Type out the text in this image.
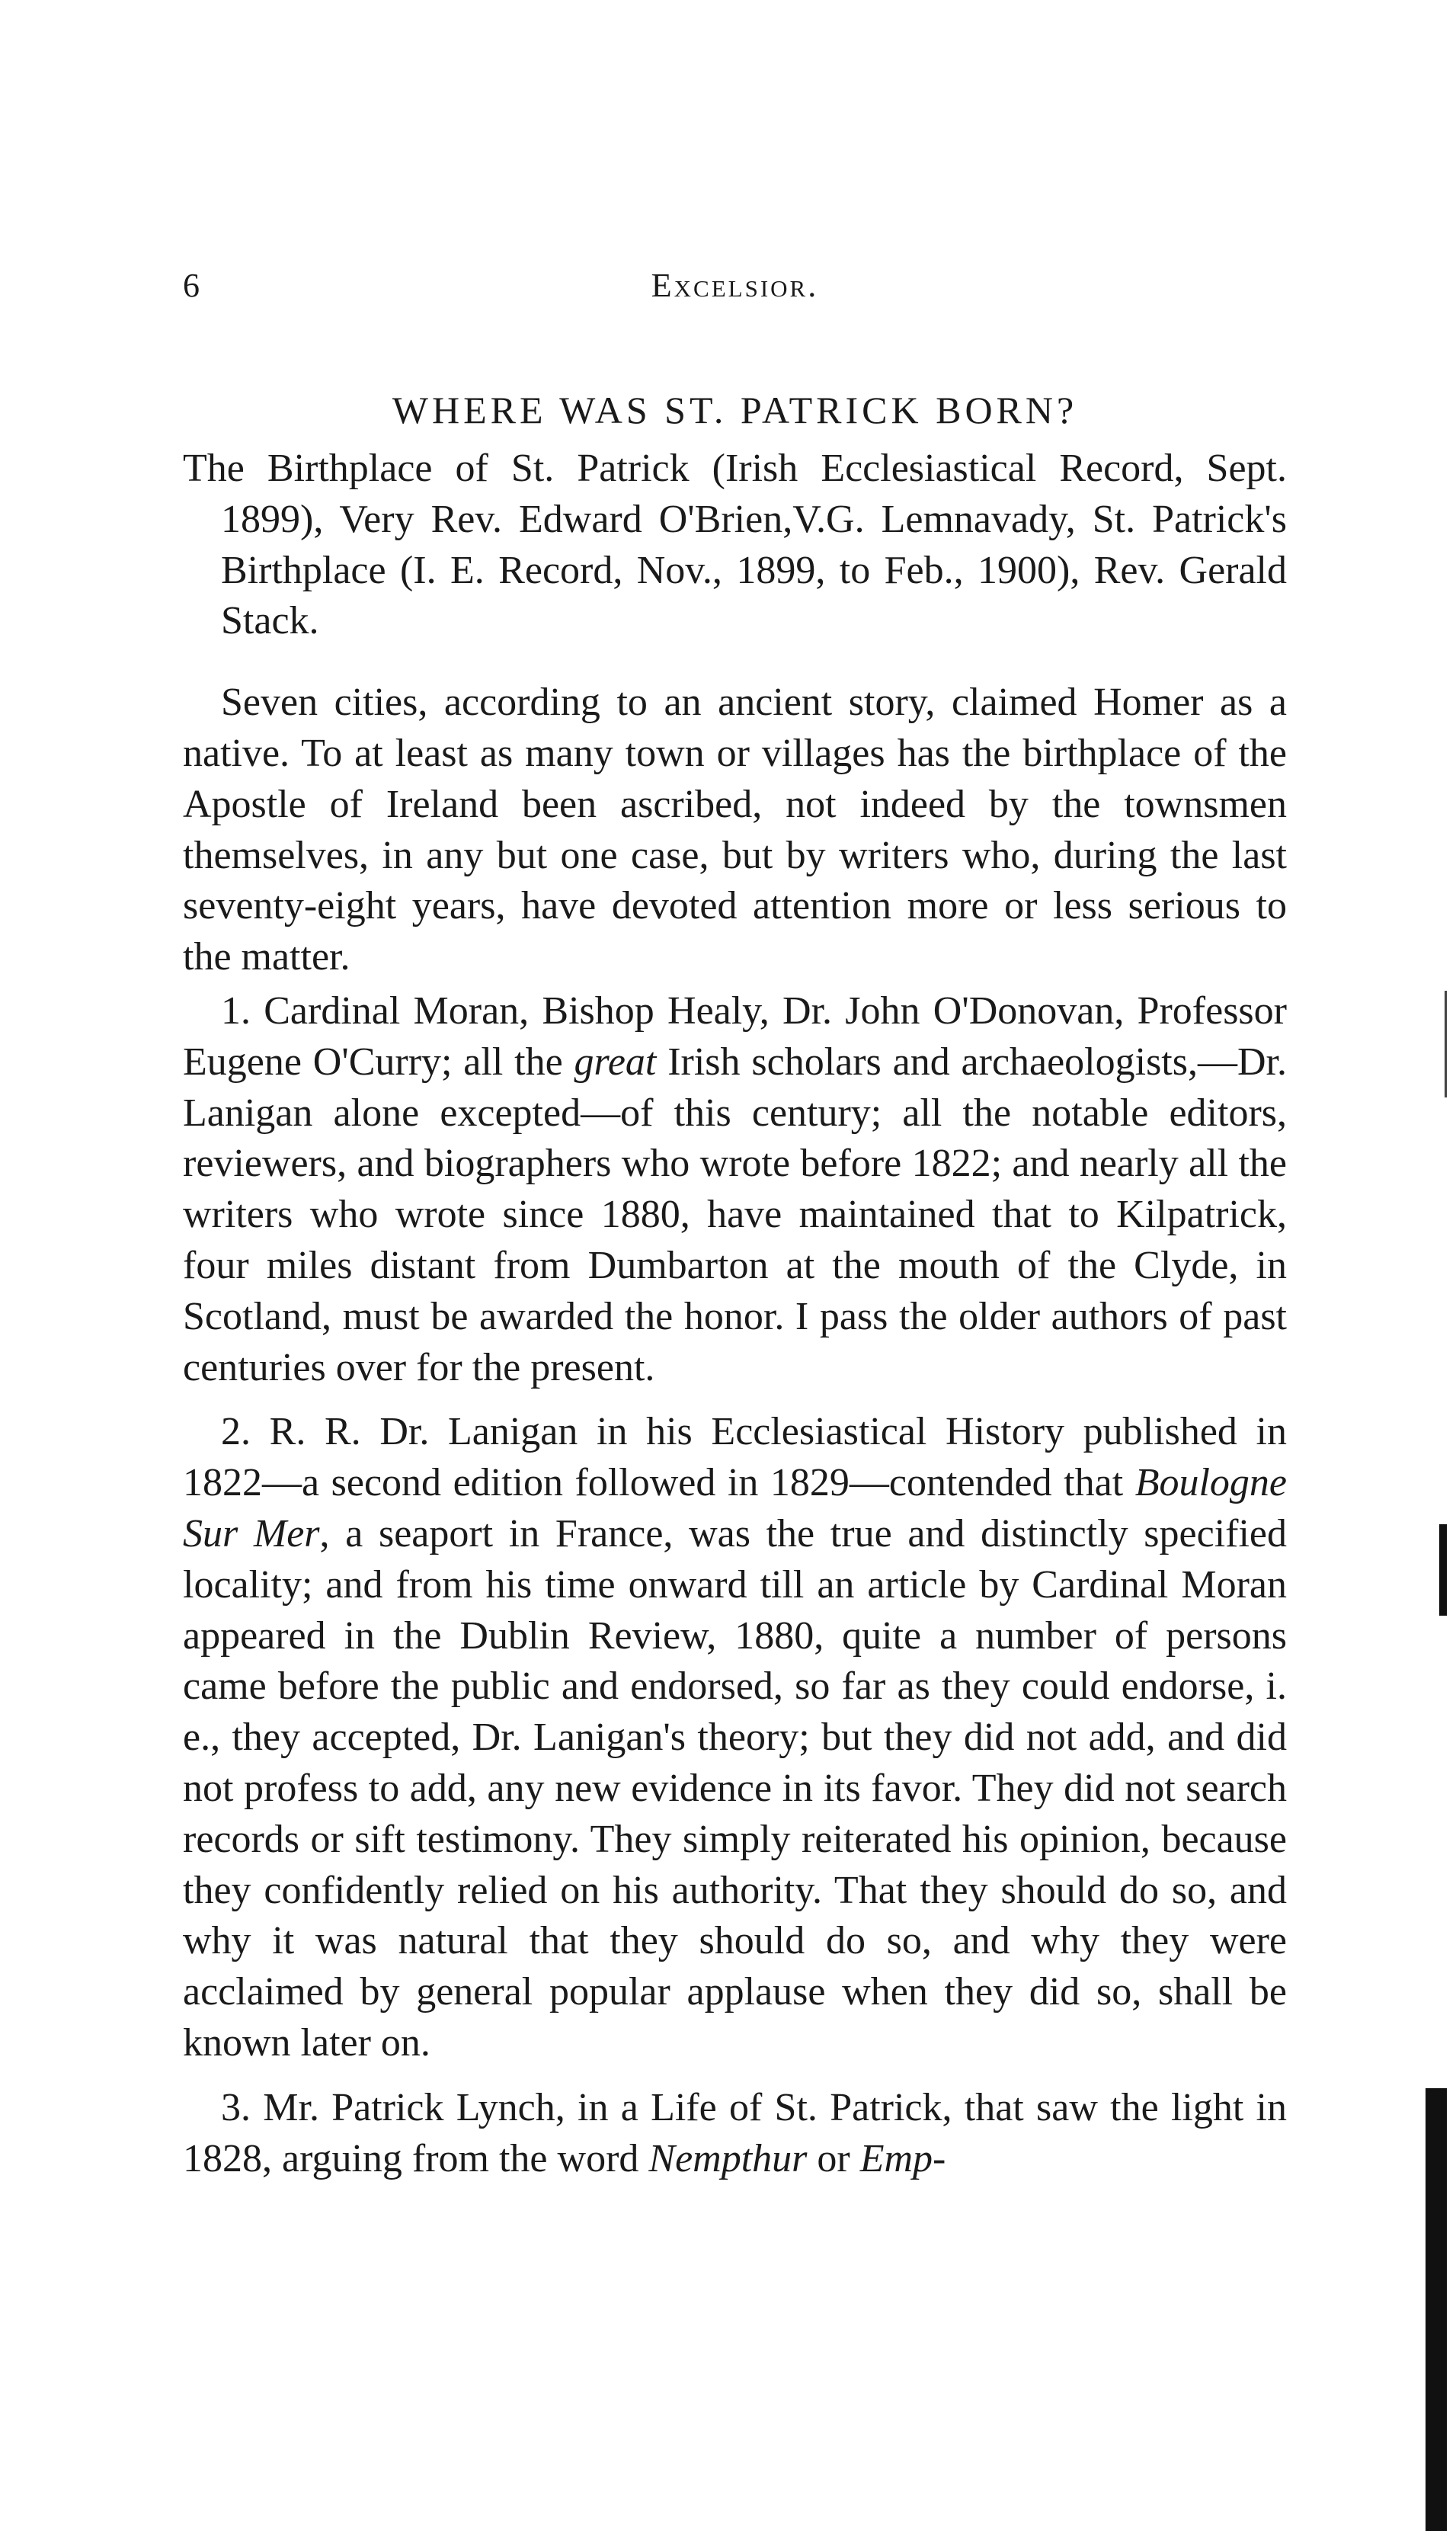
6	Excelsior.
WHERE WAS ST. PATRICK BORN?

The Birthplace of St. Patrick (Irish Ecclesiastical Record, Sept. 1899), Very Rev. Edward O'Brien,V.G. Lemnavady, St. Patrick's Birthplace (I. E. Record, Nov., 1899, to Feb., 1900), Rev. Gerald Stack.

Seven cities, according to an ancient story, claimed Homer as a native. To at least as many town or villages has the birthplace of the Apostle of Ireland been ascribed, not indeed by the townsmen themselves, in any but one case, but by writers who, during the last seventy-eight years, have devoted attention more or less serious to the matter.

1. Cardinal Moran, Bishop Healy, Dr. John O'Donovan, Professor Eugene O'Curry; all the great Irish scholars and archaeologists,—Dr. Lanigan alone excepted—of this century; all the notable editors, reviewers, and biographers who wrote before 1822; and nearly all the writers who wrote since 1880, have maintained that to Kilpatrick, four miles distant from Dumbarton at the mouth of the Clyde, in Scotland, must be awarded the honor. I pass the older authors of past centuries over for the present.

2. R. R. Dr. Lanigan in his Ecclesiastical History published in 1822—a second edition followed in 1829—contended that Boulogne Sur Mer, a seaport in France, was the true and distinctly specified locality; and from his time onward till an article by Cardinal Moran appeared in the Dublin Review, 1880, quite a number of persons came before the public and endorsed, so far as they could endorse, i. e., they accepted, Dr. Lanigan's theory; but they did not add, and did not profess to add, any new evidence in its favor. They did not search records or sift testimony. They simply reiterated his opinion, because they confidently relied on his authority. That they should do so, and why it was natural that they should do so, and why they were acclaimed by general popular applause when they did so, shall be known later on.

3. Mr. Patrick Lynch, in a Life of St. Patrick, that saw the light in 1828, arguing from the word Nempthur or Emp-
